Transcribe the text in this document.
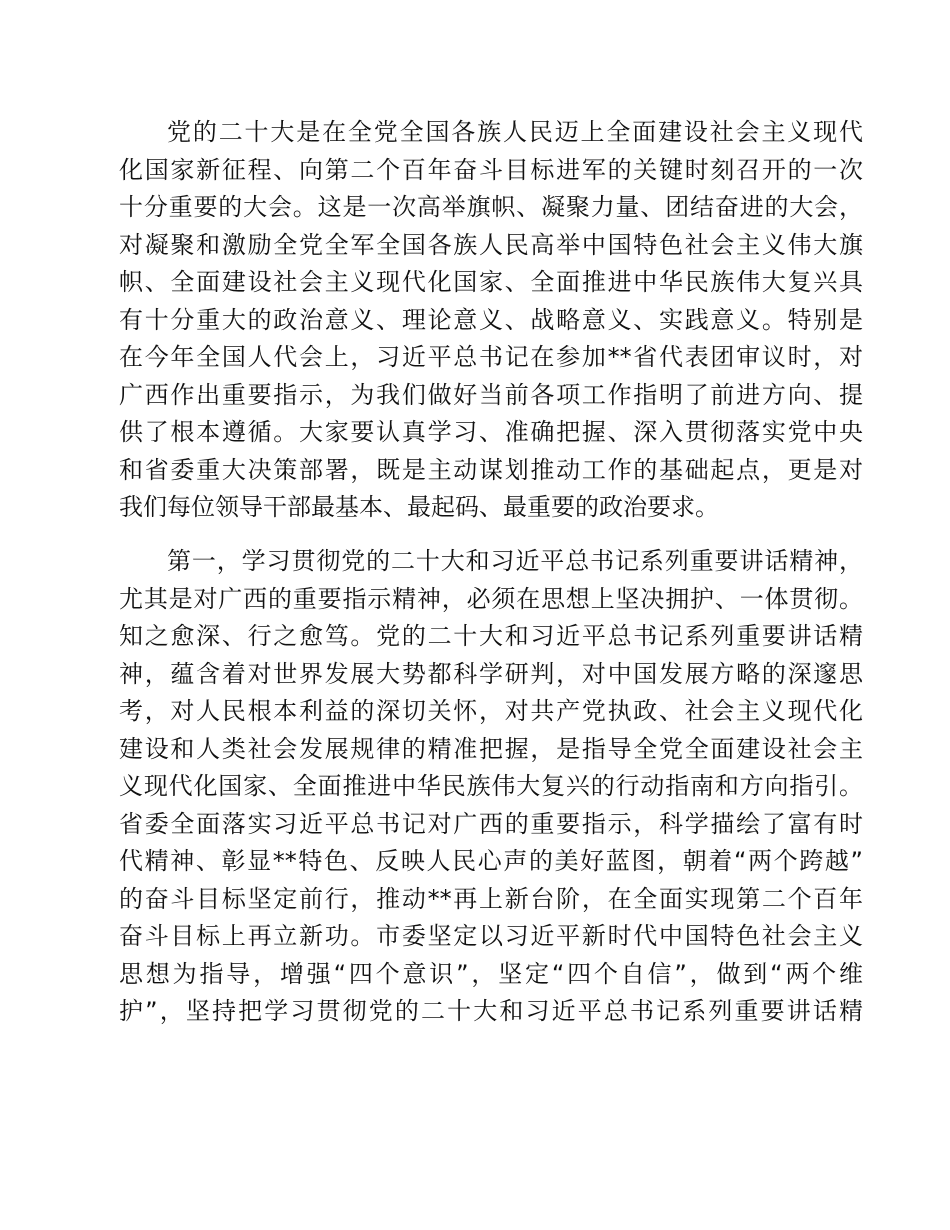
党的二十大是在全党全国各族人民迈上全面建设社会主义现代
化国家新征程、向第二个百年奋斗目标进军的关键时刻召开的一次
十分重要的大会。这是一次高举旗帜、凝聚力量、团结奋进的大会，
对凝聚和激励全党全军全国各族人民高举中国特色社会主义伟大旗
帜、全面建设社会主义现代化国家、全面推进中华民族伟大复兴具
有十分重大的政治意义、理论意义、战略意义、实践意义。特别是
在今年全国人代会上，习近平总书记在参加**省代表团审议时，对
广西作出重要指示，为我们做好当前各项工作指明了前进方向、提
供了根本遵循。大家要认真学习、准确把握、深入贯彻落实党中央
和省委重大决策部署，既是主动谋划推动工作的基础起点，更是对
我们每位领导干部最基本、最起码、最重要的政治要求。
第一，学习贯彻党的二十大和习近平总书记系列重要讲话精神，
尤其是对广西的重要指示精神，必须在思想上坚决拥护、一体贯彻。
知之愈深、行之愈笃。党的二十大和习近平总书记系列重要讲话精
神，蕴含着对世界发展大势都科学研判，对中国发展方略的深邃思
考，对人民根本利益的深切关怀，对共产党执政、社会主义现代化
建设和人类社会发展规律的精准把握，是指导全党全面建设社会主
义现代化国家、全面推进中华民族伟大复兴的行动指南和方向指引。
省委全面落实习近平总书记对广西的重要指示，科学描绘了富有时
代精神、彰显**特色、反映人民心声的美好蓝图，朝着“两个跨越”
的奋斗目标坚定前行，推动**再上新台阶，在全面实现第二个百年
奋斗目标上再立新功。市委坚定以习近平新时代中国特色社会主义
思想为指导，增强“四个意识”，坚定“四个自信”，做到“两个维
护”，坚持把学习贯彻党的二十大和习近平总书记系列重要讲话精
